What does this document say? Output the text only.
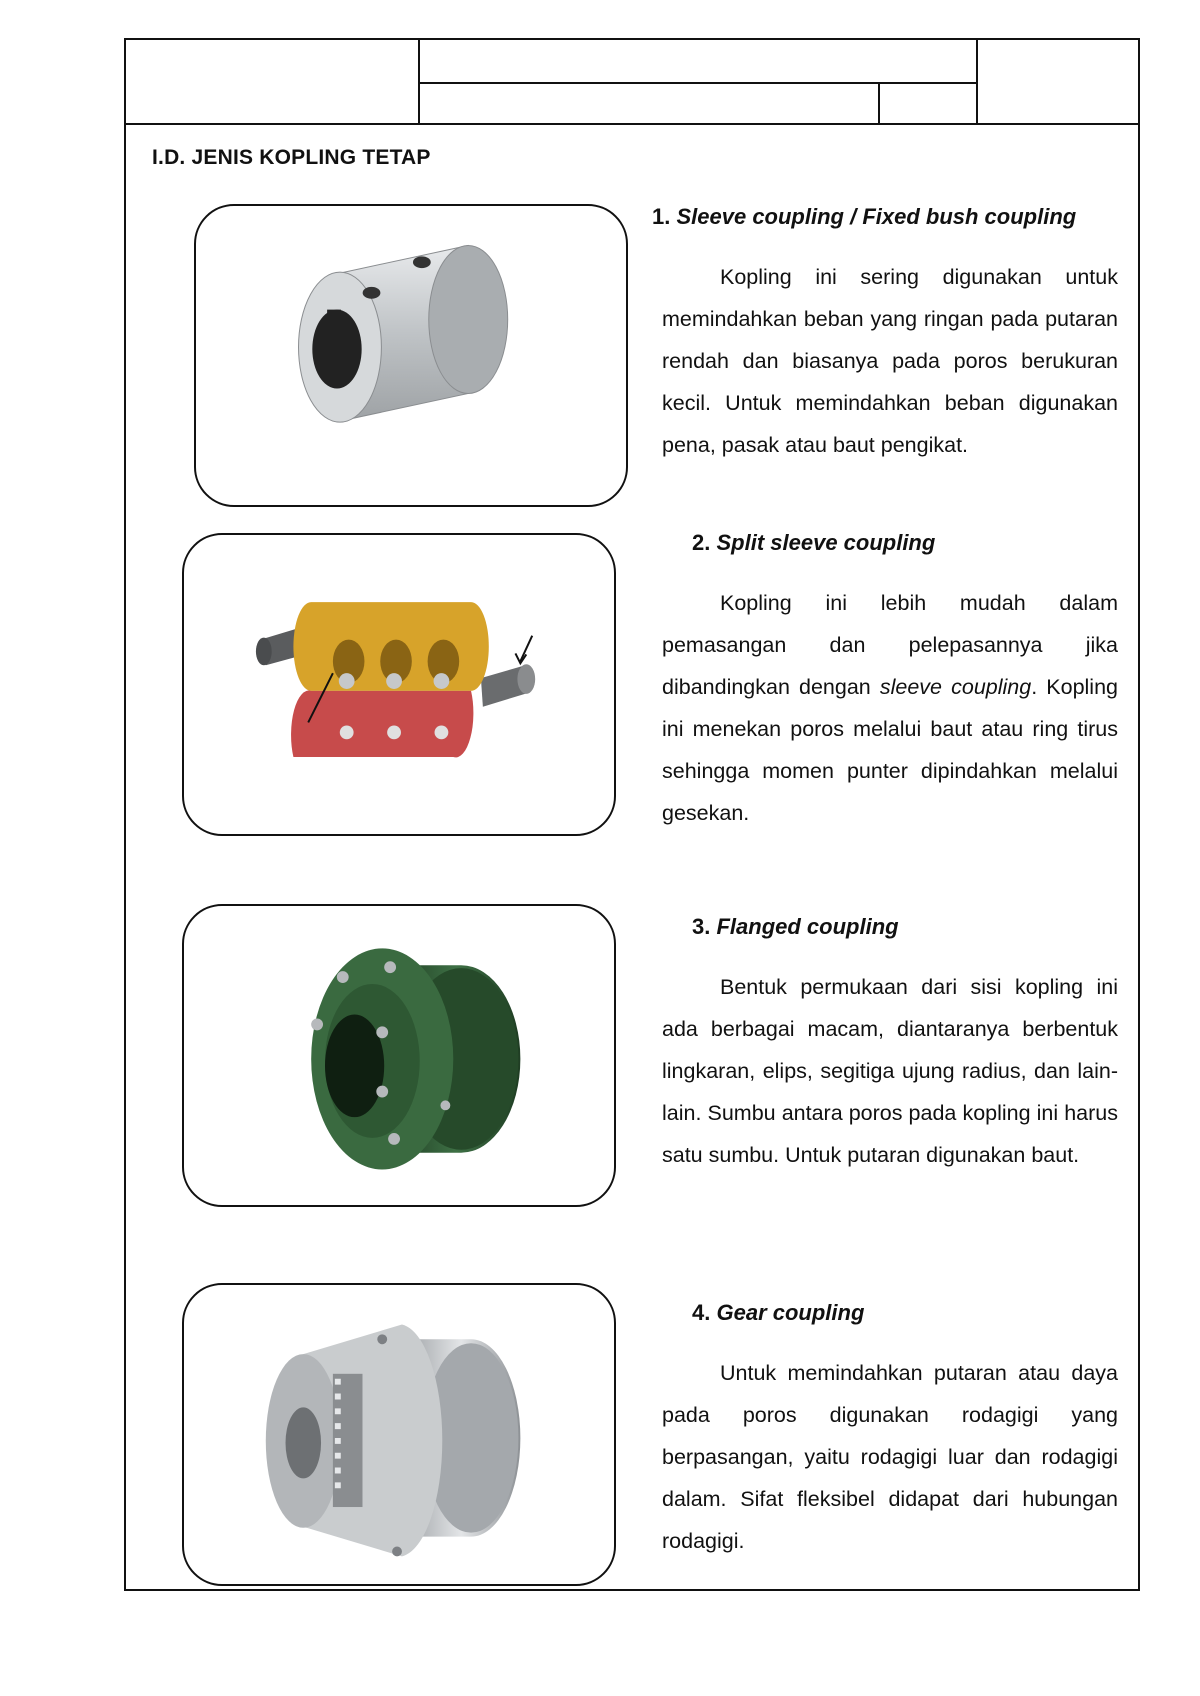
I.D. JENIS KOPLING TETAP
1. Sleeve coupling / Fixed bush coupling

Kopling ini sering digunakan untuk memindahkan beban yang ringan pada putaran rendah dan biasanya pada poros berukuran kecil. Untuk memindahkan beban digunakan pena, pasak atau baut pengikat.

2. Split sleeve coupling

Kopling ini lebih mudah dalam pemasangan dan pelepasannya jika dibandingkan dengan sleeve coupling. Kopling ini menekan poros melalui baut atau ring tirus sehingga momen punter dipindahkan melalui gesekan.

3. Flanged coupling

Bentuk permukaan dari sisi kopling ini ada berbagai macam, diantaranya berbentuk lingkaran, elips, segitiga ujung radius, dan lain-lain. Sumbu antara poros pada kopling ini harus satu sumbu. Untuk putaran digunakan baut.

4. Gear coupling

Untuk memindahkan putaran atau daya pada poros digunakan rodagigi yang berpasangan, yaitu rodagigi luar dan rodagigi dalam. Sifat fleksibel didapat dari hubungan rodagigi.
